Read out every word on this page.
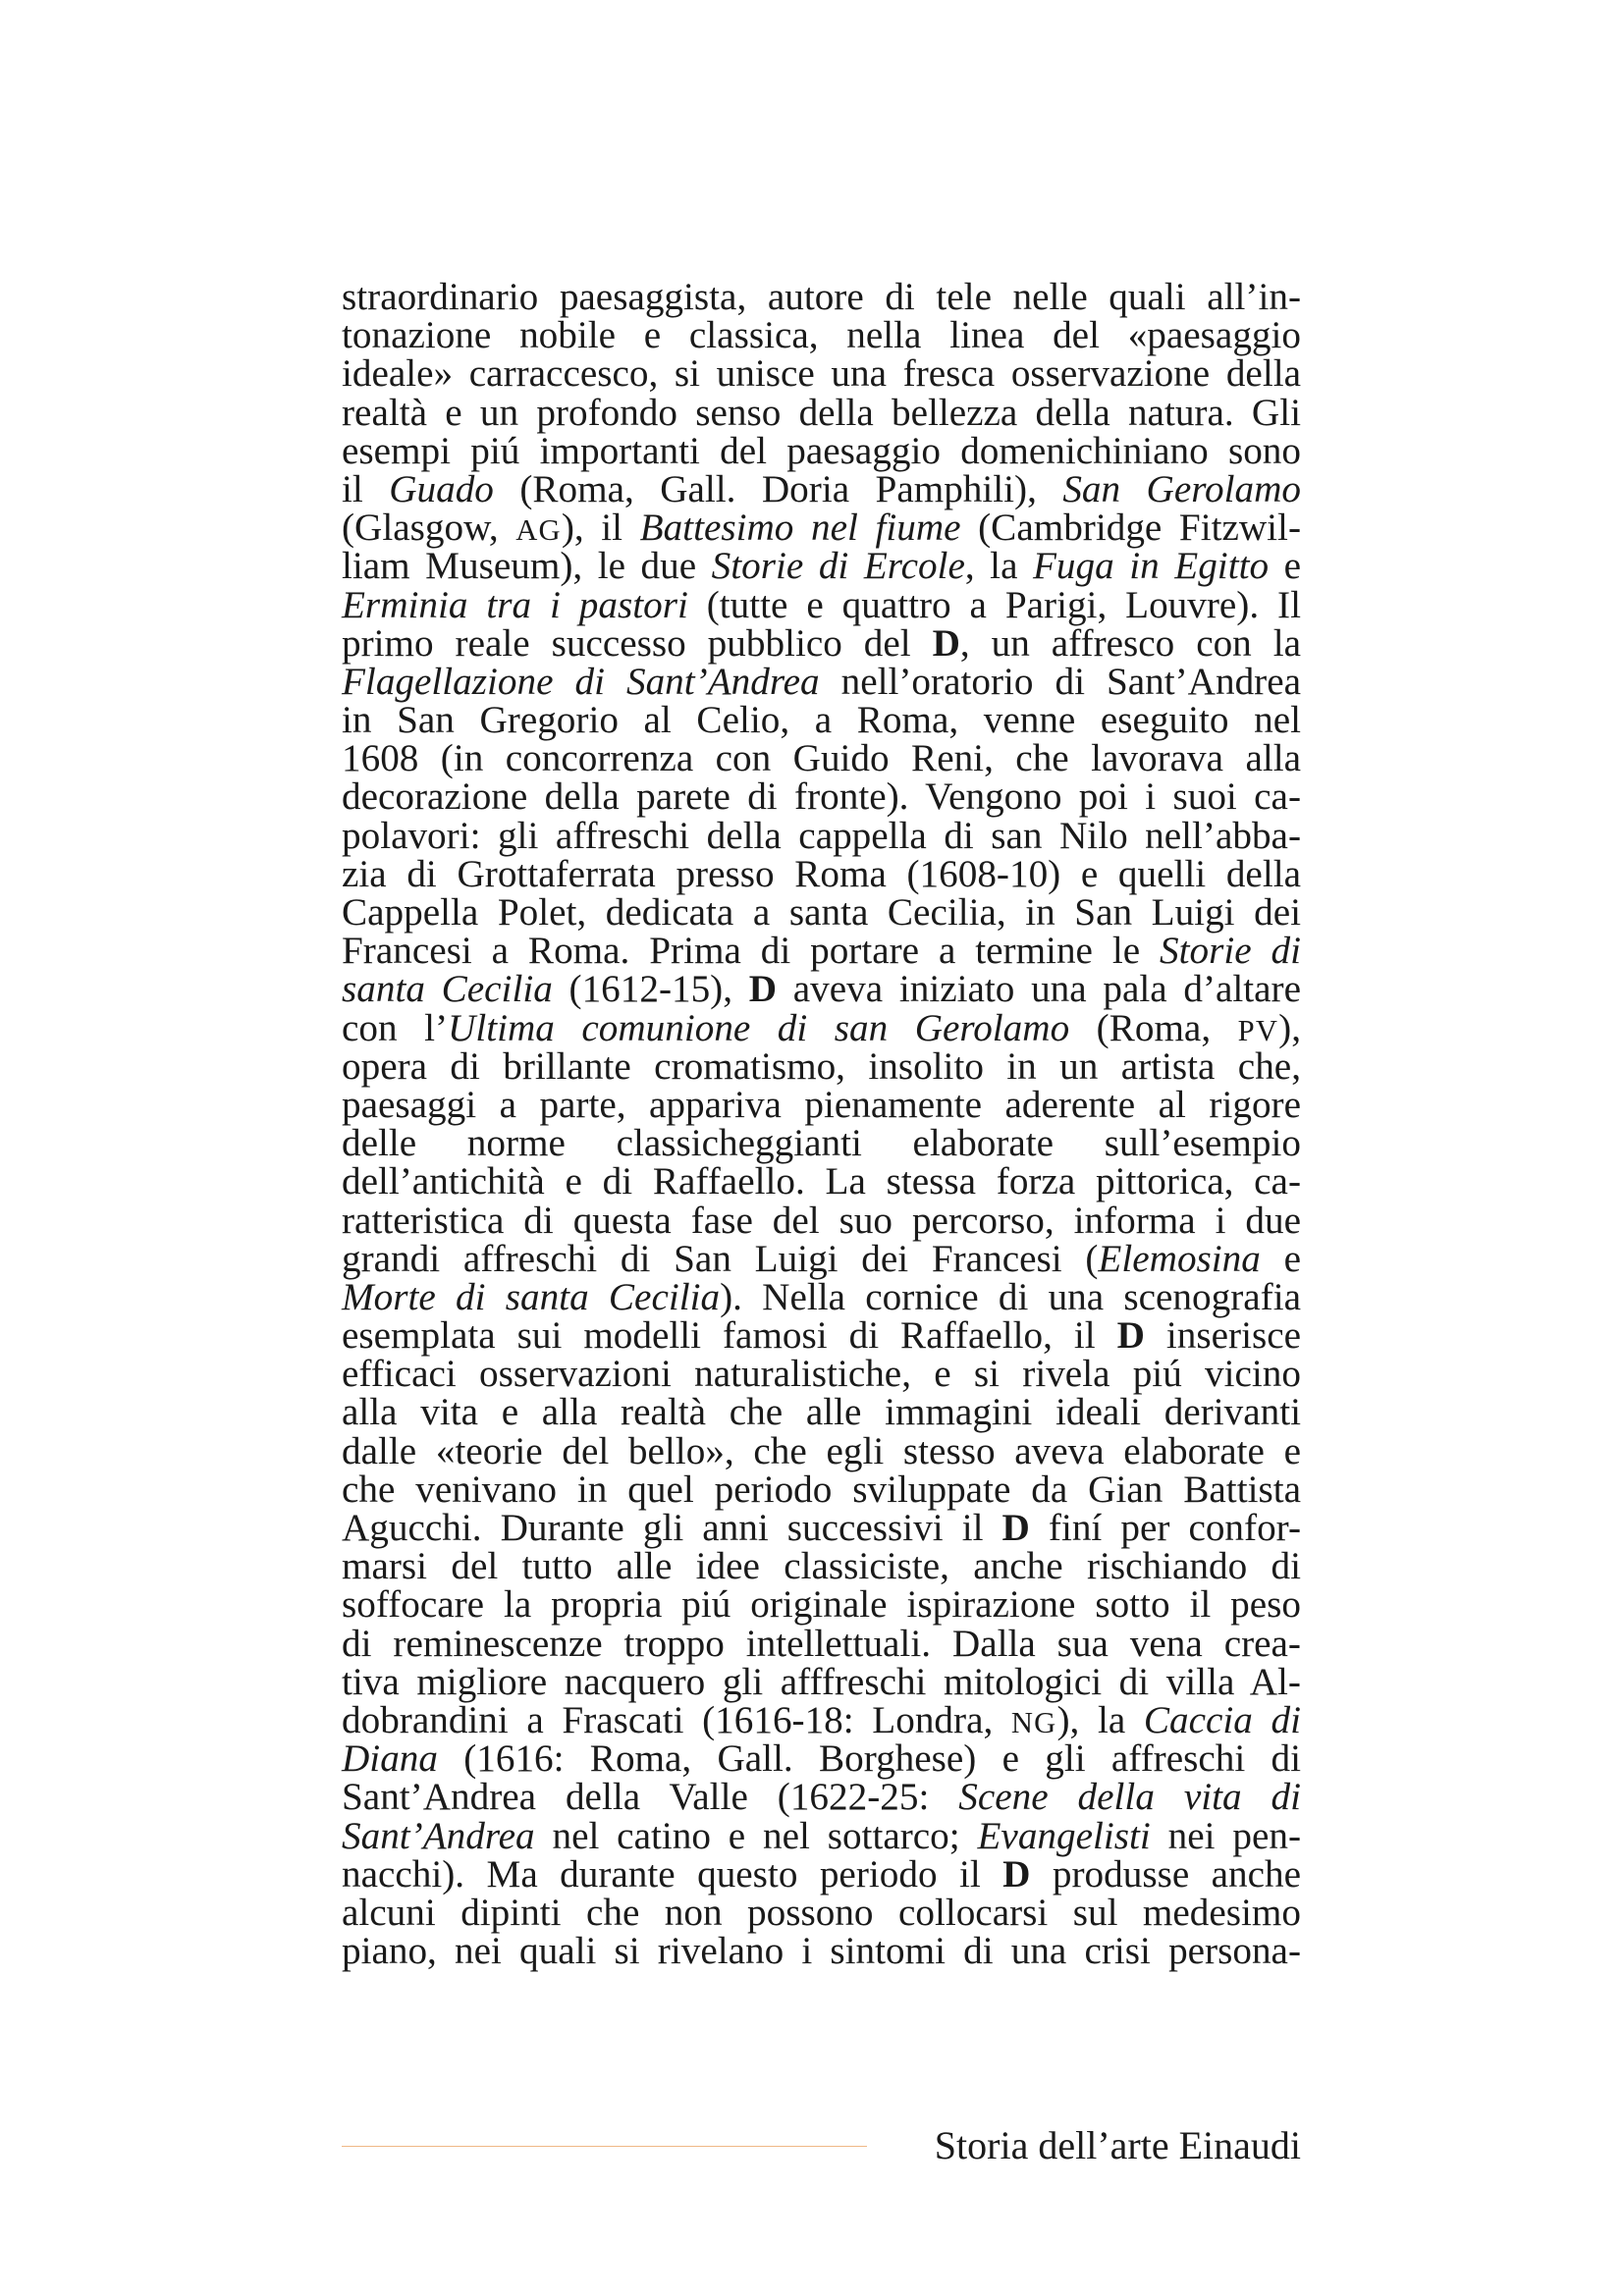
straordinario paesaggista, autore di tele nelle quali all’in-
tonazione nobile e classica, nella linea del «paesaggio
ideale» carraccesco, si unisce una fresca osservazione della
realtà e un profondo senso della bellezza della natura. Gli
esempi piú importanti del paesaggio domenichiniano sono
il Guado (Roma, Gall. Doria Pamphili), San Gerolamo
(Glasgow, AG), il Battesimo nel fiume (Cambridge Fitzwil-
liam Museum), le due Storie di Ercole, la Fuga in Egitto e
Erminia tra i pastori (tutte e quattro a Parigi, Louvre). Il
primo reale successo pubblico del D, un affresco con la
Flagellazione di Sant’Andrea nell’oratorio di Sant’Andrea
in San Gregorio al Celio, a Roma, venne eseguito nel
1608 (in concorrenza con Guido Reni, che lavorava alla
decorazione della parete di fronte). Vengono poi i suoi ca-
polavori: gli affreschi della cappella di san Nilo nell’abba-
zia di Grottaferrata presso Roma (1608-10) e quelli della
Cappella Polet, dedicata a santa Cecilia, in San Luigi dei
Francesi a Roma. Prima di portare a termine le Storie di
santa Cecilia (1612-15), D aveva iniziato una pala d’altare
con l’Ultima comunione di san Gerolamo (Roma, PV),
opera di brillante cromatismo, insolito in un artista che,
paesaggi a parte, appariva pienamente aderente al rigore
delle norme classicheggianti elaborate sull’esempio
dell’antichità e di Raffaello. La stessa forza pittorica, ca-
ratteristica di questa fase del suo percorso, informa i due
grandi affreschi di San Luigi dei Francesi (Elemosina e
Morte di santa Cecilia). Nella cornice di una scenografia
esemplata sui modelli famosi di Raffaello, il D inserisce
efficaci osservazioni naturalistiche, e si rivela piú vicino
alla vita e alla realtà che alle immagini ideali derivanti
dalle «teorie del bello», che egli stesso aveva elaborate e
che venivano in quel periodo sviluppate da Gian Battista
Agucchi. Durante gli anni successivi il D finí per confor-
marsi del tutto alle idee classiciste, anche rischiando di
soffocare la propria piú originale ispirazione sotto il peso
di reminescenze troppo intellettuali. Dalla sua vena crea-
tiva migliore nacquero gli afffreschi mitologici di villa Al-
dobrandini a Frascati (1616-18: Londra, NG), la Caccia di
Diana (1616: Roma, Gall. Borghese) e gli affreschi di
Sant’Andrea della Valle (1622-25: Scene della vita di
Sant’Andrea nel catino e nel sottarco; Evangelisti nei pen-
nacchi). Ma durante questo periodo il D produsse anche
alcuni dipinti che non possono collocarsi sul medesimo
piano, nei quali si rivelano i sintomi di una crisi persona-
Storia dell’arte Einaudi
